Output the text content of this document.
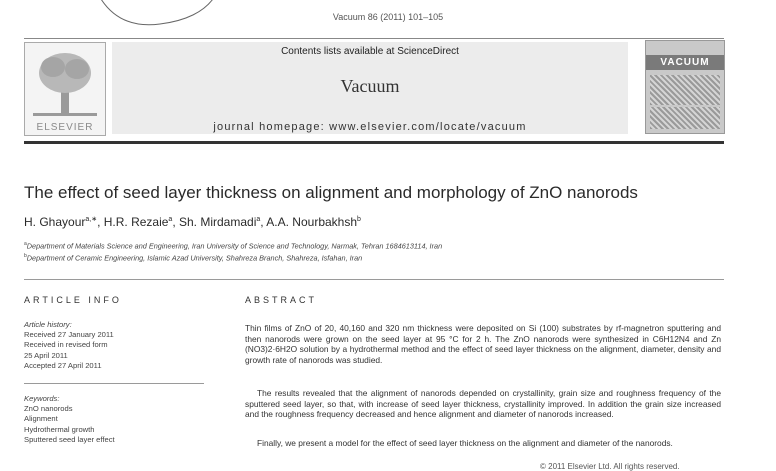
Vacuum 86 (2011) 101–105
ELSEVIER
Contents lists available at ScienceDirect
Vacuum
journal homepage: www.elsevier.com/locate/vacuum
VACUUM
The effect of seed layer thickness on alignment and morphology of ZnO nanorods
H. Ghayour$^{a,∗}$, H.R. Rezaie$^a$, Sh. Mirdamadi$^a$, A.A. Nourbakhsh$^b$
$^a$Department of Materials Science and Engineering, Iran University of Science and Technology, Narmak, Tehran 1684613114, Iran
$^b$Department of Ceramic Engineering, Islamic Azad University, Shahreza Branch, Shahreza, Isfahan, Iran
ARTICLE INFO	ABSTRACT
Article history:
Received 27 January 2011
Received in revised form
25 April 2011
Accepted 27 April 2011
Keywords:
ZnO nanorods
Alignment
Hydrothermal growth
Sputtered seed layer effect
Thin films of ZnO of 20, 40,160 and 320 nm thickness were deposited on Si (100) substrates by rf-magnetron sputtering and then nanorods were grown on the seed layer at 95 °C for 2 h. The ZnO nanorods were synthesized in C6H12N4 and Zn (NO3)2·6H2O solution by a hydrothermal method and the effect of seed layer thickness on the alignment, diameter, density and growth rate of nanorods was studied.
The results revealed that the alignment of nanorods depended on crystallinity, grain size and roughness frequency of the sputtered seed layer, so that, with increase of seed layer thickness, crystallinity improved. In addition the grain size increased and the roughness frequency decreased and hence alignment and diameter of nanorods increased.
Finally, we present a model for the effect of seed layer thickness on the alignment and diameter of the nanorods.
© 2011 Elsevier Ltd. All rights reserved.
